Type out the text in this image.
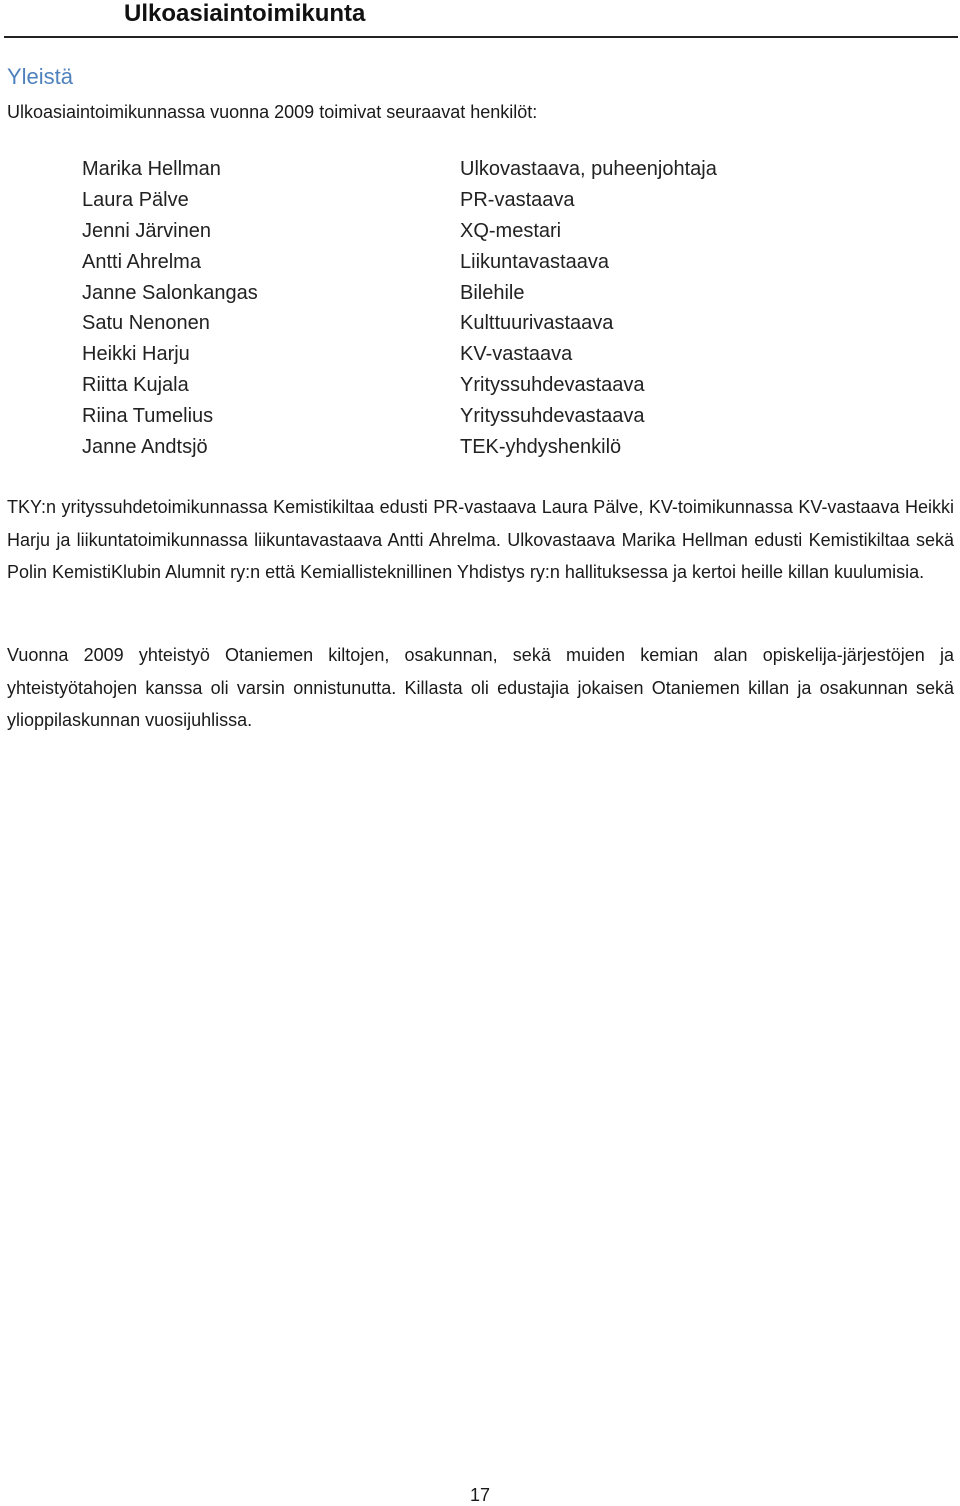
Ulkoasiaintoimikunta
Yleistä

Ulkoasiaintoimikunnassa vuonna 2009 toimivat seuraavat henkilöt:

Marika Hellman	Ulkovastaava, puheenjohtaja
Laura Pälve	PR-vastaava
Jenni Järvinen	XQ-mestari
Antti Ahrelma	Liikuntavastaava
Janne Salonkangas	Bilehile
Satu Nenonen	Kulttuurivastaava
Heikki Harju	KV-vastaava
Riitta Kujala	Yrityssuhdevastaava
Riina Tumelius	Yrityssuhdevastaava
Janne Andtsjö	TEK-yhdyshenkilö

TKY:n yrityssuhdetoimikunnassa Kemistikiltaa edusti PR-vastaava Laura Pälve, KV-toimikunnassa KV-vastaava Heikki Harju ja liikuntatoimikunnassa liikuntavastaava Antti Ahrelma. Ulkovastaava Marika Hellman edusti Kemistikiltaa sekä Polin KemistiKlubin Alumnit ry:n että Kemiallisteknillinen Yhdistys ry:n hallituksessa ja kertoi heille killan kuulumisia.

Vuonna 2009 yhteistyö Otaniemen kiltojen, osakunnan, sekä muiden kemian alan opiskelija-järjestöjen ja yhteistyötahojen kanssa oli varsin onnistunutta. Killasta oli edustajia jokaisen Otaniemen killan ja osakunnan sekä ylioppilaskunnan vuosijuhlissa.

17
